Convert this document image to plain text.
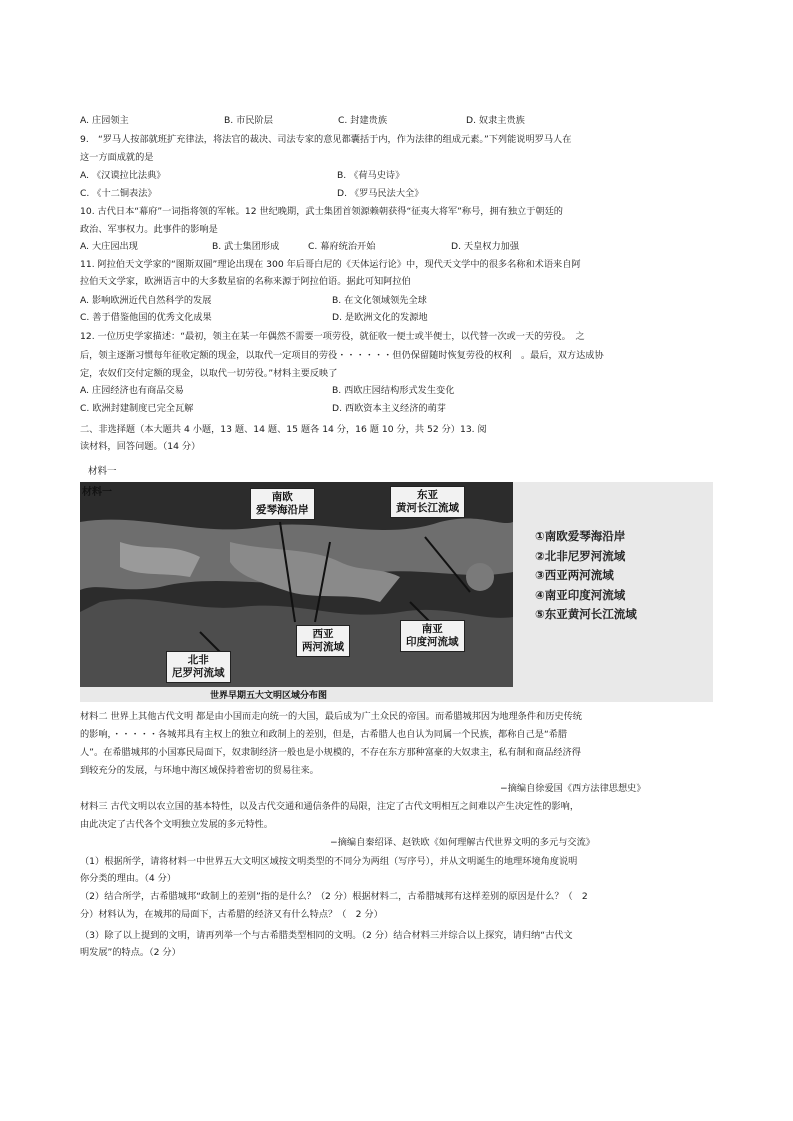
A. 庄园领主	B. 市民阶层	C. 封建贵族	D. 奴隶主贵族
9.　“罗马人按部就班扩充律法，将法官的裁决、司法专家的意见都囊括于内，作为法律的组成元素。”下列能说明罗马人在
这一方面成就的是
A. 《汉谟拉比法典》	B. 《荷马史诗》
C. 《十二铜表法》	D. 《罗马民法大全》
10. 古代日本“幕府”一词指将领的军帐。12 世纪晚期，武士集团首领源赖朝获得“征夷大将军”称号，拥有独立于朝廷的
政治、军事权力。此事件的影响是
A. 大庄园出现	B. 武士集团形成	C. 幕府统治开始	D. 天皇权力加强
11. 阿拉伯天文学家的“图斯双圆”理论出现在 300 年后哥白尼的《天体运行论》中，现代天文学中的很多名称和术语来自阿
拉伯天文学家，欧洲语言中的大多数星宿的名称来源于阿拉伯语。据此可知阿拉伯
A. 影响欧洲近代自然科学的发展	B. 在文化领域领先全球
C. 善于借鉴他国的优秀文化成果	D. 是欧洲文化的发源地
12. 一位历史学家描述：“最初，领主在某一年偶然不需要一项劳役，就征收一便士或半便士，以代替一次或一天的劳役。　之
后，领主逐渐习惯每年征收定额的现金，以取代一定项目的劳役・・・・・・但仍保留随时恢复劳役的权利　。最后，双方达成协
定，农奴们交付定额的现金，以取代一切劳役。”材料主要反映了
A. 庄园经济也有商品交易	B. 西欧庄园结构形式发生变化
C. 欧洲封建制度已完全瓦解	D. 西欧资本主义经济的萌芽
二、非选择题（本大题共 4 小题，13 题、14 题、15 题各 14 分，16 题 10 分，共 52 分）13. 阅
读材料，回答问题。（14 分）
材料一
材料一	南欧
爱琴海沿岸
东亚
黄河长江流域
西亚
两河流域
南亚
印度河流域
北非
尼罗河流域
①南欧爱琴海沿岸
②北非尼罗河流域
③西亚两河流域
④南亚印度河流域
⑤东亚黄河长江流域
世界早期五大文明区域分布图
材料二 世界上其他古代文明 都是由小国而走向统一的大国，最后成为广土众民的帝国。而希腊城邦因为地理条件和历史传统
的影响，・・・・・各城邦具有主权上的独立和政制上的差别，但是，古希腊人也自认为同属一个民族，都称自己是“希腊
人”。在希腊城邦的小国寡民局面下，奴隶制经济一般也是小规模的，不存在东方那种富豪的大奴隶主，私有制和商品经济得
到较充分的发展，与环地中海区域保持着密切的贸易往来。
−摘编自徐爱国《西方法律思想史》
材料三 古代文明以农立国的基本特性，以及古代交通和通信条件的局限，注定了古代文明相互之间难以产生决定性的影响，
由此决定了古代各个文明独立发展的多元特性。
−摘编自秦绍译、赵铁欧《如何理解古代世界文明的多元与交流》
（1）根据所学，请将材料一中世界五大文明区域按文明类型的不同分为两组（写序号），并从文明诞生的地理环境角度说明
你分类的理由。（4 分）
（2）结合所学，古希腊城邦“政制上的差别”指的是什么？（2 分）根据材料二，古希腊城邦有这样差别的原因是什么？（　2
分）材料认为，在城邦的局面下，古希腊的经济又有什么特点？（　2 分）
（3）除了以上提到的文明，请再列举一个与古希腊类型相同的文明。（2 分）结合材料三并综合以上探究，请归纳“古代文
明发展”的特点。（2 分）
